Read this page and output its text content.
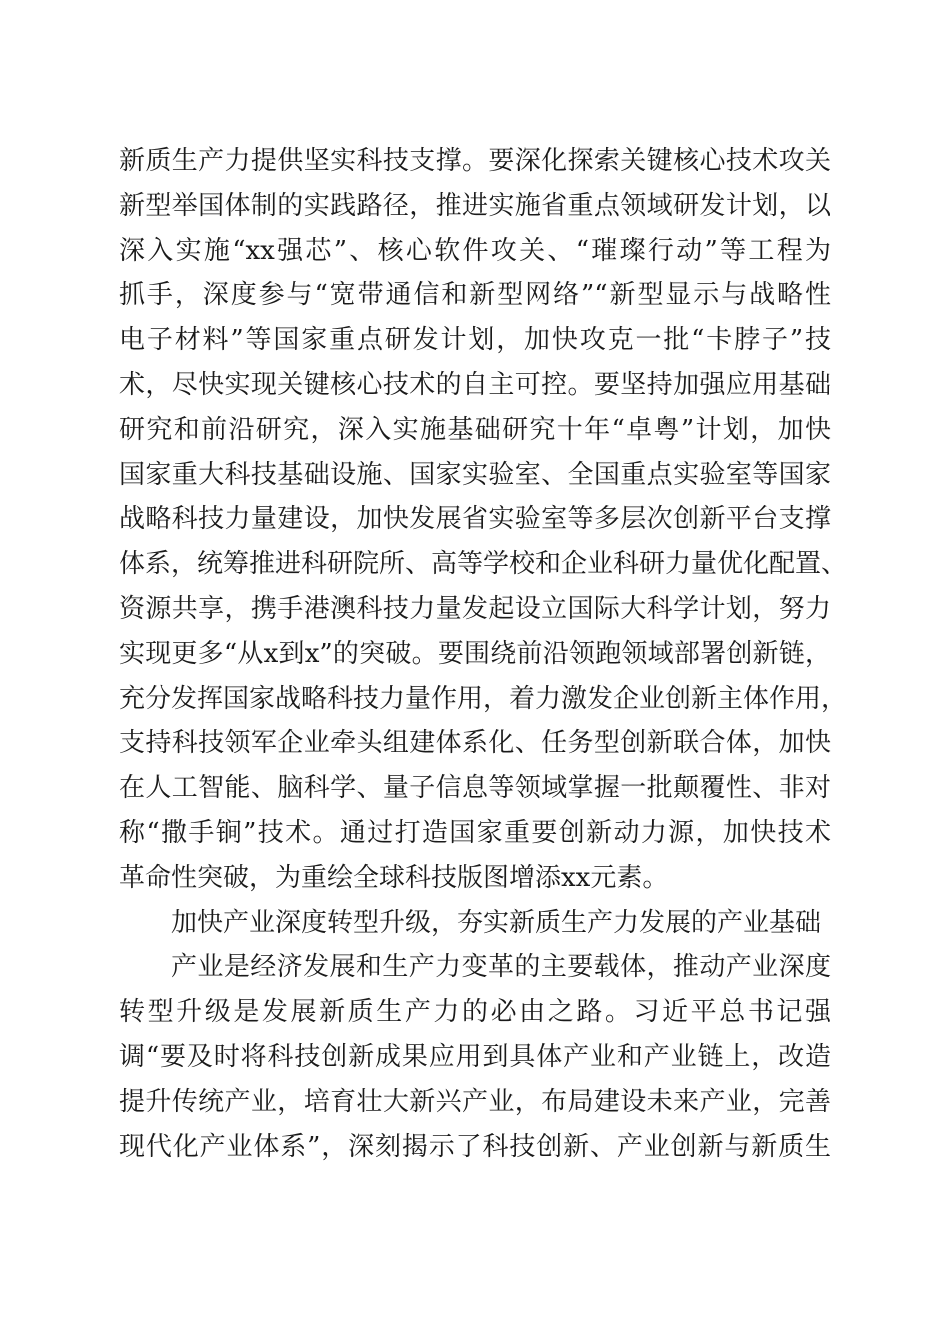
新质生产力提供坚实科技支撑。要深化探索关键核心技术攻关
新型举国体制的实践路径，推进实施省重点领域研发计划，以
深入实施“xx强芯”、核心软件攻关、“璀璨行动”等工程为
抓手，深度参与“宽带通信和新型网络”“新型显示与战略性
电子材料”等国家重点研发计划，加快攻克一批“卡脖子”技
术，尽快实现关键核心技术的自主可控。要坚持加强应用基础
研究和前沿研究，深入实施基础研究十年“卓粤”计划，加快
国家重大科技基础设施、国家实验室、全国重点实验室等国家
战略科技力量建设，加快发展省实验室等多层次创新平台支撑
体系，统筹推进科研院所、高等学校和企业科研力量优化配置、
资源共享，携手港澳科技力量发起设立国际大科学计划，努力
实现更多“从x到x”的突破。要围绕前沿领跑领域部署创新链，
充分发挥国家战略科技力量作用，着力激发企业创新主体作用，
支持科技领军企业牵头组建体系化、任务型创新联合体，加快
在人工智能、脑科学、量子信息等领域掌握一批颠覆性、非对
称“撒手锏”技术。通过打造国家重要创新动力源，加快技术
革命性突破，为重绘全球科技版图增添xx元素。
加快产业深度转型升级，夯实新质生产力发展的产业基础
产业是经济发展和生产力变革的主要载体，推动产业深度
转型升级是发展新质生产力的必由之路。习近平总书记强
调“要及时将科技创新成果应用到具体产业和产业链上，改造
提升传统产业，培育壮大新兴产业，布局建设未来产业，完善
现代化产业体系”，深刻揭示了科技创新、产业创新与新质生
